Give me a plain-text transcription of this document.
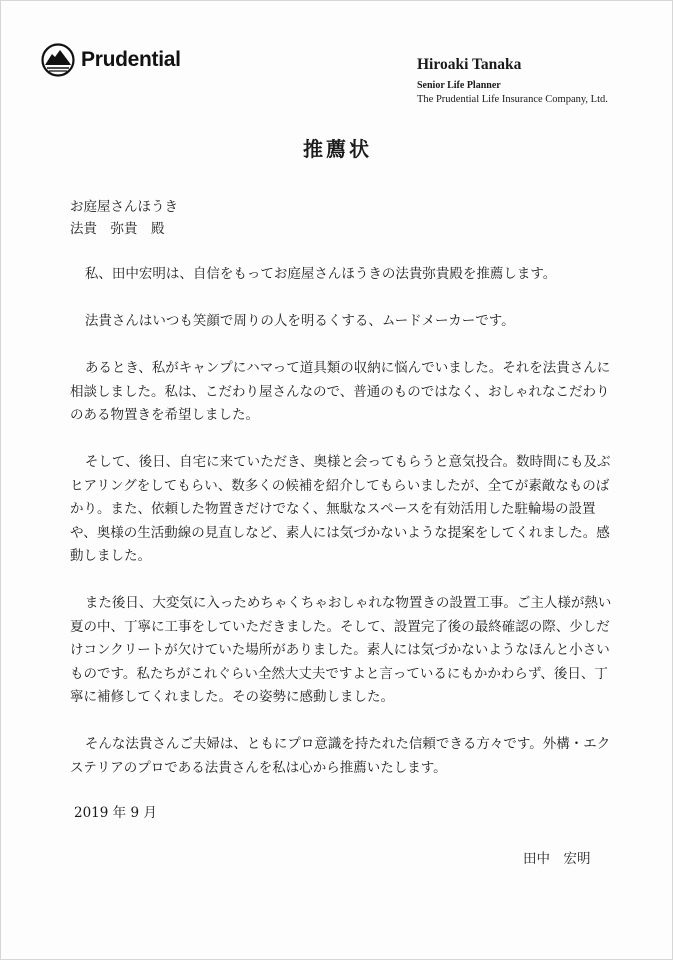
Prudential	Hiroaki Tanaka
Senior Life Planner
The Prudential Life Insurance Company, Ltd.
推薦状
お庭屋さんほうき
法貴　弥貴　殿

私、田中宏明は、自信をもってお庭屋さんほうきの法貴弥貴殿を推薦します。

法貴さんはいつも笑顔で周りの人を明るくする、ムードメーカーです。

あるとき、私がキャンプにハマって道具類の収納に悩んでいました。それを法貴さんに相談しました。私は、こだわり屋さんなので、普通のものではなく、おしゃれなこだわりのある物置きを希望しました。

そして、後日、自宅に来ていただき、奥様と会ってもらうと意気投合。数時間にも及ぶヒアリングをしてもらい、数多くの候補を紹介してもらいましたが、全てが素敵なものばかり。また、依頼した物置きだけでなく、無駄なスペースを有効活用した駐輪場の設置や、奥様の生活動線の見直しなど、素人には気づかないような提案をしてくれました。感動しました。

また後日、大変気に入っためちゃくちゃおしゃれな物置きの設置工事。ご主人様が熱い夏の中、丁寧に工事をしていただきました。そして、設置完了後の最終確認の際、少しだけコンクリートが欠けていた場所がありました。素人には気づかないようなほんと小さいものです。私たちがこれぐらい全然大丈夫ですよと言っているにもかかわらず、後日、丁寧に補修してくれました。その姿勢に感動しました。

そんな法貴さんご夫婦は、ともにプロ意識を持たれた信頼できる方々です。外構・エクステリアのプロである法貴さんを私は心から推薦いたします。

2019 年 9 月
田中　宏明
